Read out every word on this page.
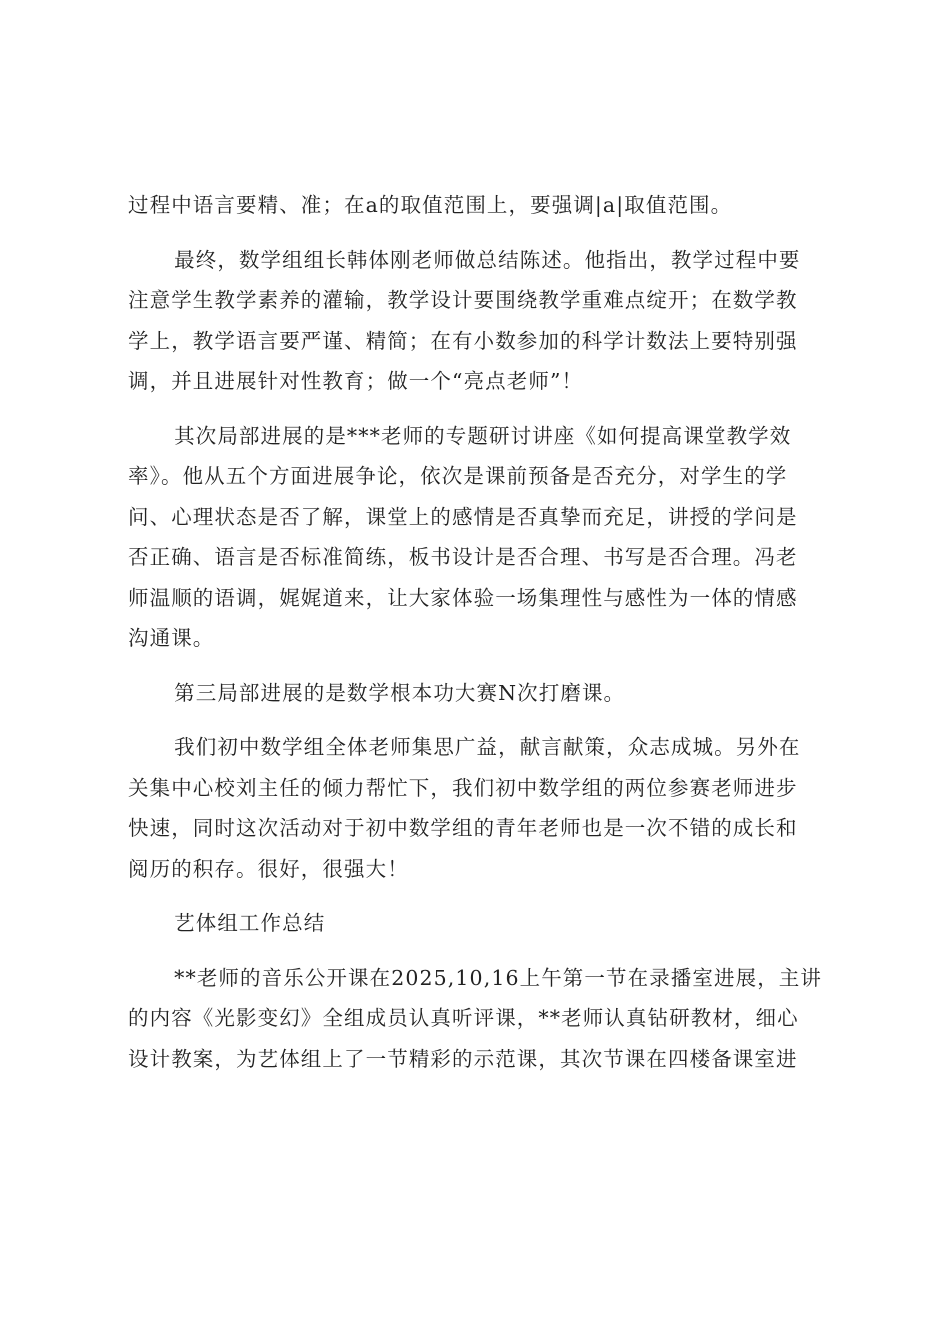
过程中语言要精、准；在a的取值范围上，要强调|a|取值范围。

最终，数学组组长韩体刚老师做总结陈述。他指出，教学过程中要
注意学生教学素养的灌输，教学设计要围绕教学重难点绽开；在数学教
学上，教学语言要严谨、精简；在有小数参加的科学计数法上要特别强
调，并且进展针对性教育；做一个“亮点老师”！

其次局部进展的是***老师的专题研讨讲座《如何提高课堂教学效
率》。他从五个方面进展争论，依次是课前预备是否充分，对学生的学
问、心理状态是否了解，课堂上的感情是否真挚而充足，讲授的学问是
否正确、语言是否标准简练，板书设计是否合理、书写是否合理。冯老
师温顺的语调，娓娓道来，让大家体验一场集理性与感性为一体的情感
沟通课。

第三局部进展的是数学根本功大赛N次打磨课。

我们初中数学组全体老师集思广益，献言献策，众志成城。另外在
关集中心校刘主任的倾力帮忙下，我们初中数学组的两位参赛老师进步
快速，同时这次活动对于初中数学组的青年老师也是一次不错的成长和
阅历的积存。很好，很强大！

艺体组工作总结

**老师的音乐公开课在2025,10,16上午第一节在录播室进展，主讲
的内容《光影变幻》全组成员认真听评课，**老师认真钻研教材，细心
设计教案，为艺体组上了一节精彩的示范课，其次节课在四楼备课室进
